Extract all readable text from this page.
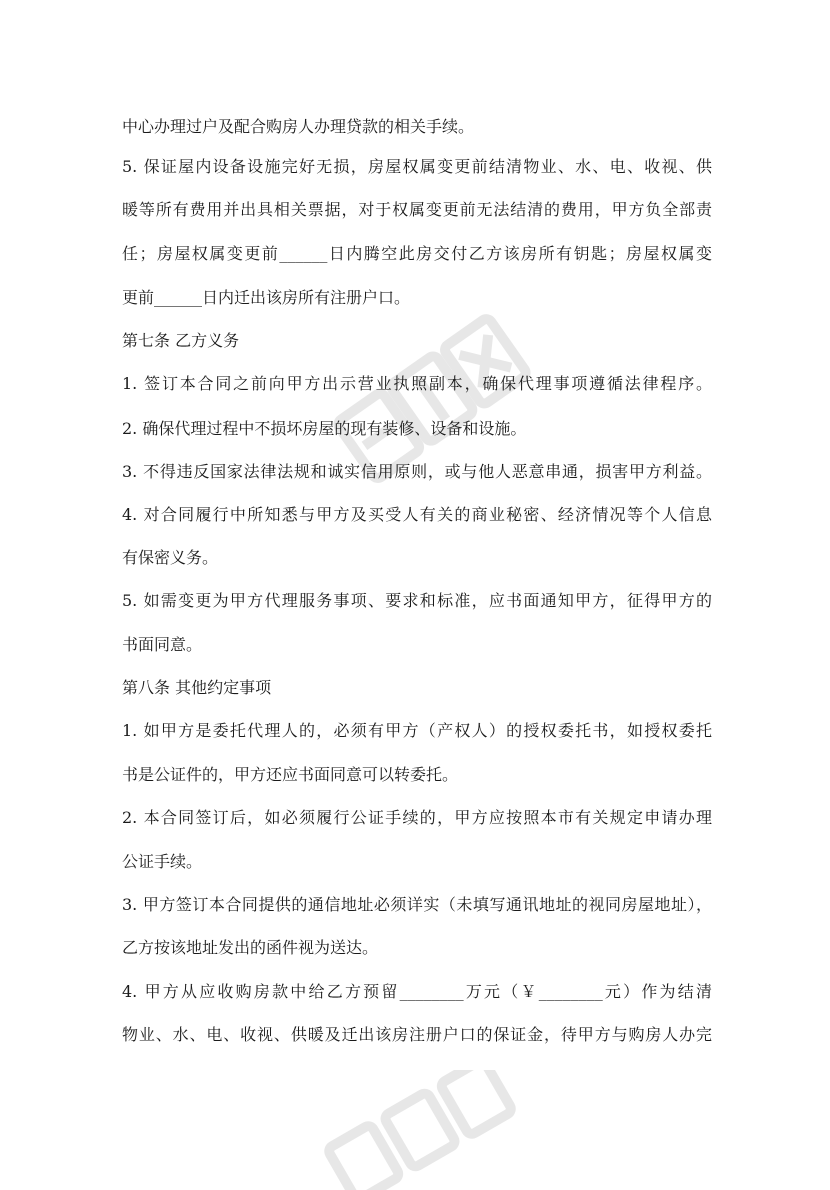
中心办理过户及配合购房人办理贷款的相关手续。
5. 保证屋内设备设施完好无损，房屋权属变更前结清物业、水、电、收视、供
暖等所有费用并出具相关票据，对于权属变更前无法结清的费用，甲方负全部责
任；房屋权属变更前______日内腾空此房交付乙方该房所有钥匙；房屋权属变
更前______日内迁出该房所有注册户口。
第七条 乙方义务
1. 签订本合同之前向甲方出示营业执照副本，确保代理事项遵循法律程序。
2. 确保代理过程中不损坏房屋的现有装修、设备和设施。
3. 不得违反国家法律法规和诚实信用原则，或与他人恶意串通，损害甲方利益。
4. 对合同履行中所知悉与甲方及买受人有关的商业秘密、经济情况等个人信息
有保密义务。
5. 如需变更为甲方代理服务事项、要求和标准，应书面通知甲方，征得甲方的
书面同意。
第八条 其他约定事项
1. 如甲方是委托代理人的，必须有甲方（产权人）的授权委托书，如授权委托
书是公证件的，甲方还应书面同意可以转委托。
2. 本合同签订后，如必须履行公证手续的，甲方应按照本市有关规定申请办理
公证手续。
3. 甲方签订本合同提供的通信地址必须详实（未填写通讯地址的视同房屋地址），
乙方按该地址发出的函件视为送达。
4. 甲方从应收购房款中给乙方预留________万元（￥________元）作为结清
物业、水、电、收视、供暖及迁出该房注册户口的保证金，待甲方与购房人办完
